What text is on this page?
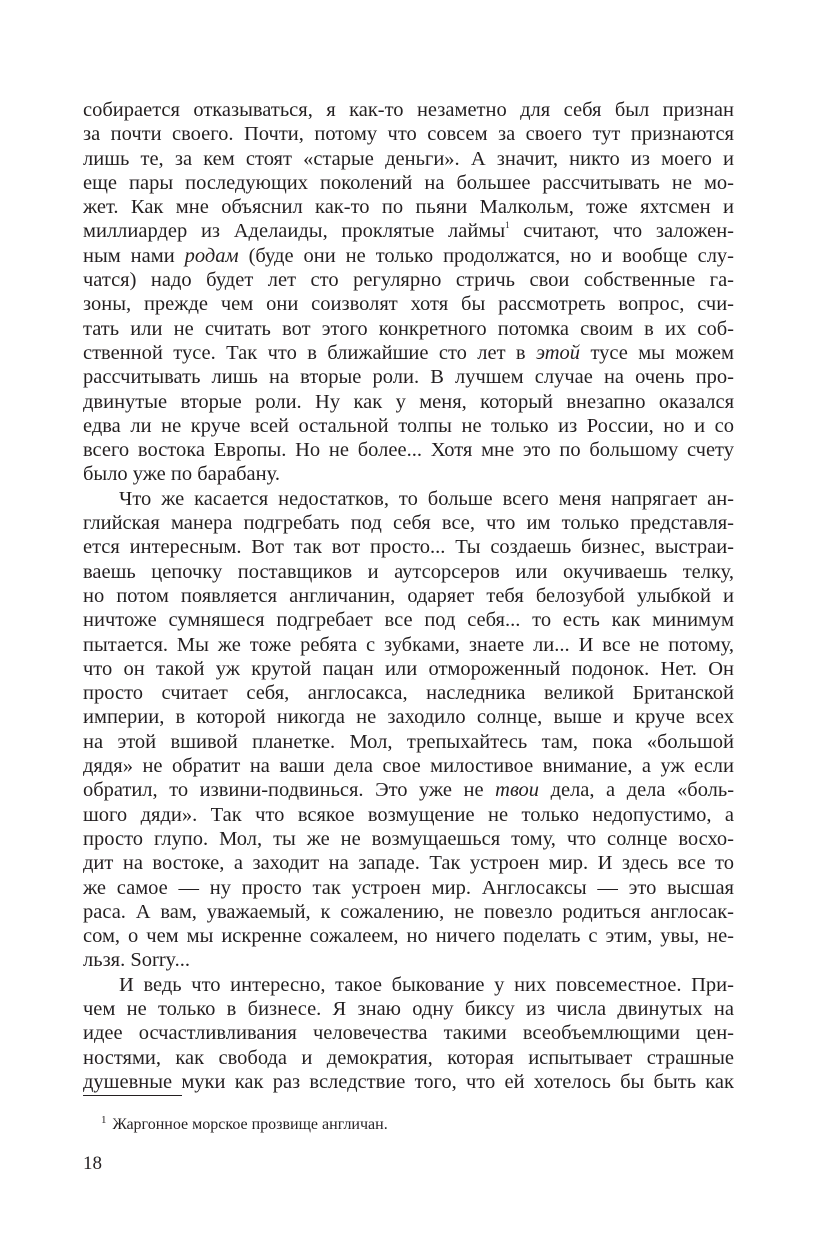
собирается отказываться, я как-то незаметно для себя был признан
за почти своего. Почти, потому что совсем за своего тут признаются
лишь те, за кем стоят «старые деньги». А значит, никто из моего и
еще пары последующих поколений на большее рассчитывать не мо-
жет. Как мне объяснил как-то по пьяни Малкольм, тоже яхтсмен и
миллиардер из Аделаиды, проклятые лаймы$^1$ считают, что заложен-
ным нами родам (буде они не только продолжатся, но и вообще слу-
чатся) надо будет лет сто регулярно стричь свои собственные га-
зоны, прежде чем они соизволят хотя бы рассмотреть вопрос, счи-
тать или не считать вот этого конкретного потомка своим в их соб-
ственной тусе. Так что в ближайшие сто лет в этой тусе мы можем
рассчитывать лишь на вторые роли. В лучшем случае на очень про-
двинутые вторые роли. Ну как у меня, который внезапно оказался
едва ли не круче всей остальной толпы не только из России, но и со
всего востока Европы. Но не более... Хотя мне это по большому счету
было уже по барабану.
Что же касается недостатков, то больше всего меня напрягает ан-
глийская манера подгребать под себя все, что им только представля-
ется интересным. Вот так вот просто... Ты создаешь бизнес, выстраи-
ваешь цепочку поставщиков и аутсорсеров или окучиваешь телку,
но потом появляется англичанин, одаряет тебя белозубой улыбкой и
ничтоже сумняшеся подгребает все под себя... то есть как минимум
пытается. Мы же тоже ребята с зубками, знаете ли... И все не потому,
что он такой уж крутой пацан или отмороженный подонок. Нет. Он
просто считает себя, англосакса, наследника великой Британской
империи, в которой никогда не заходило солнце, выше и круче всех
на этой вшивой планетке. Мол, трепыхайтесь там, пока «большой
дядя» не обратит на ваши дела свое милостивое внимание, а уж если
обратил, то извини-подвинься. Это уже не твои дела, а дела «боль-
шого дяди». Так что всякое возмущение не только недопустимо, а
просто глупо. Мол, ты же не возмущаешься тому, что солнце восхо-
дит на востоке, а заходит на западе. Так устроен мир. И здесь все то
же самое — ну просто так устроен мир. Англосаксы — это высшая
раса. А вам, уважаемый, к сожалению, не повезло родиться англосак-
сом, о чем мы искренне сожалеем, но ничего поделать с этим, увы, не-
льзя. Sorry...
И ведь что интересно, такое быкование у них повсеместное. При-
чем не только в бизнесе. Я знаю одну биксу из числа двинутых на
идее осчастливливания человечества такими всеобъемлющими цен-
ностями, как свобода и демократия, которая испытывает страшные
душевные муки как раз вследствие того, что ей хотелось бы быть как
$^1$ Жаргонное морское прозвище англичан.
18
